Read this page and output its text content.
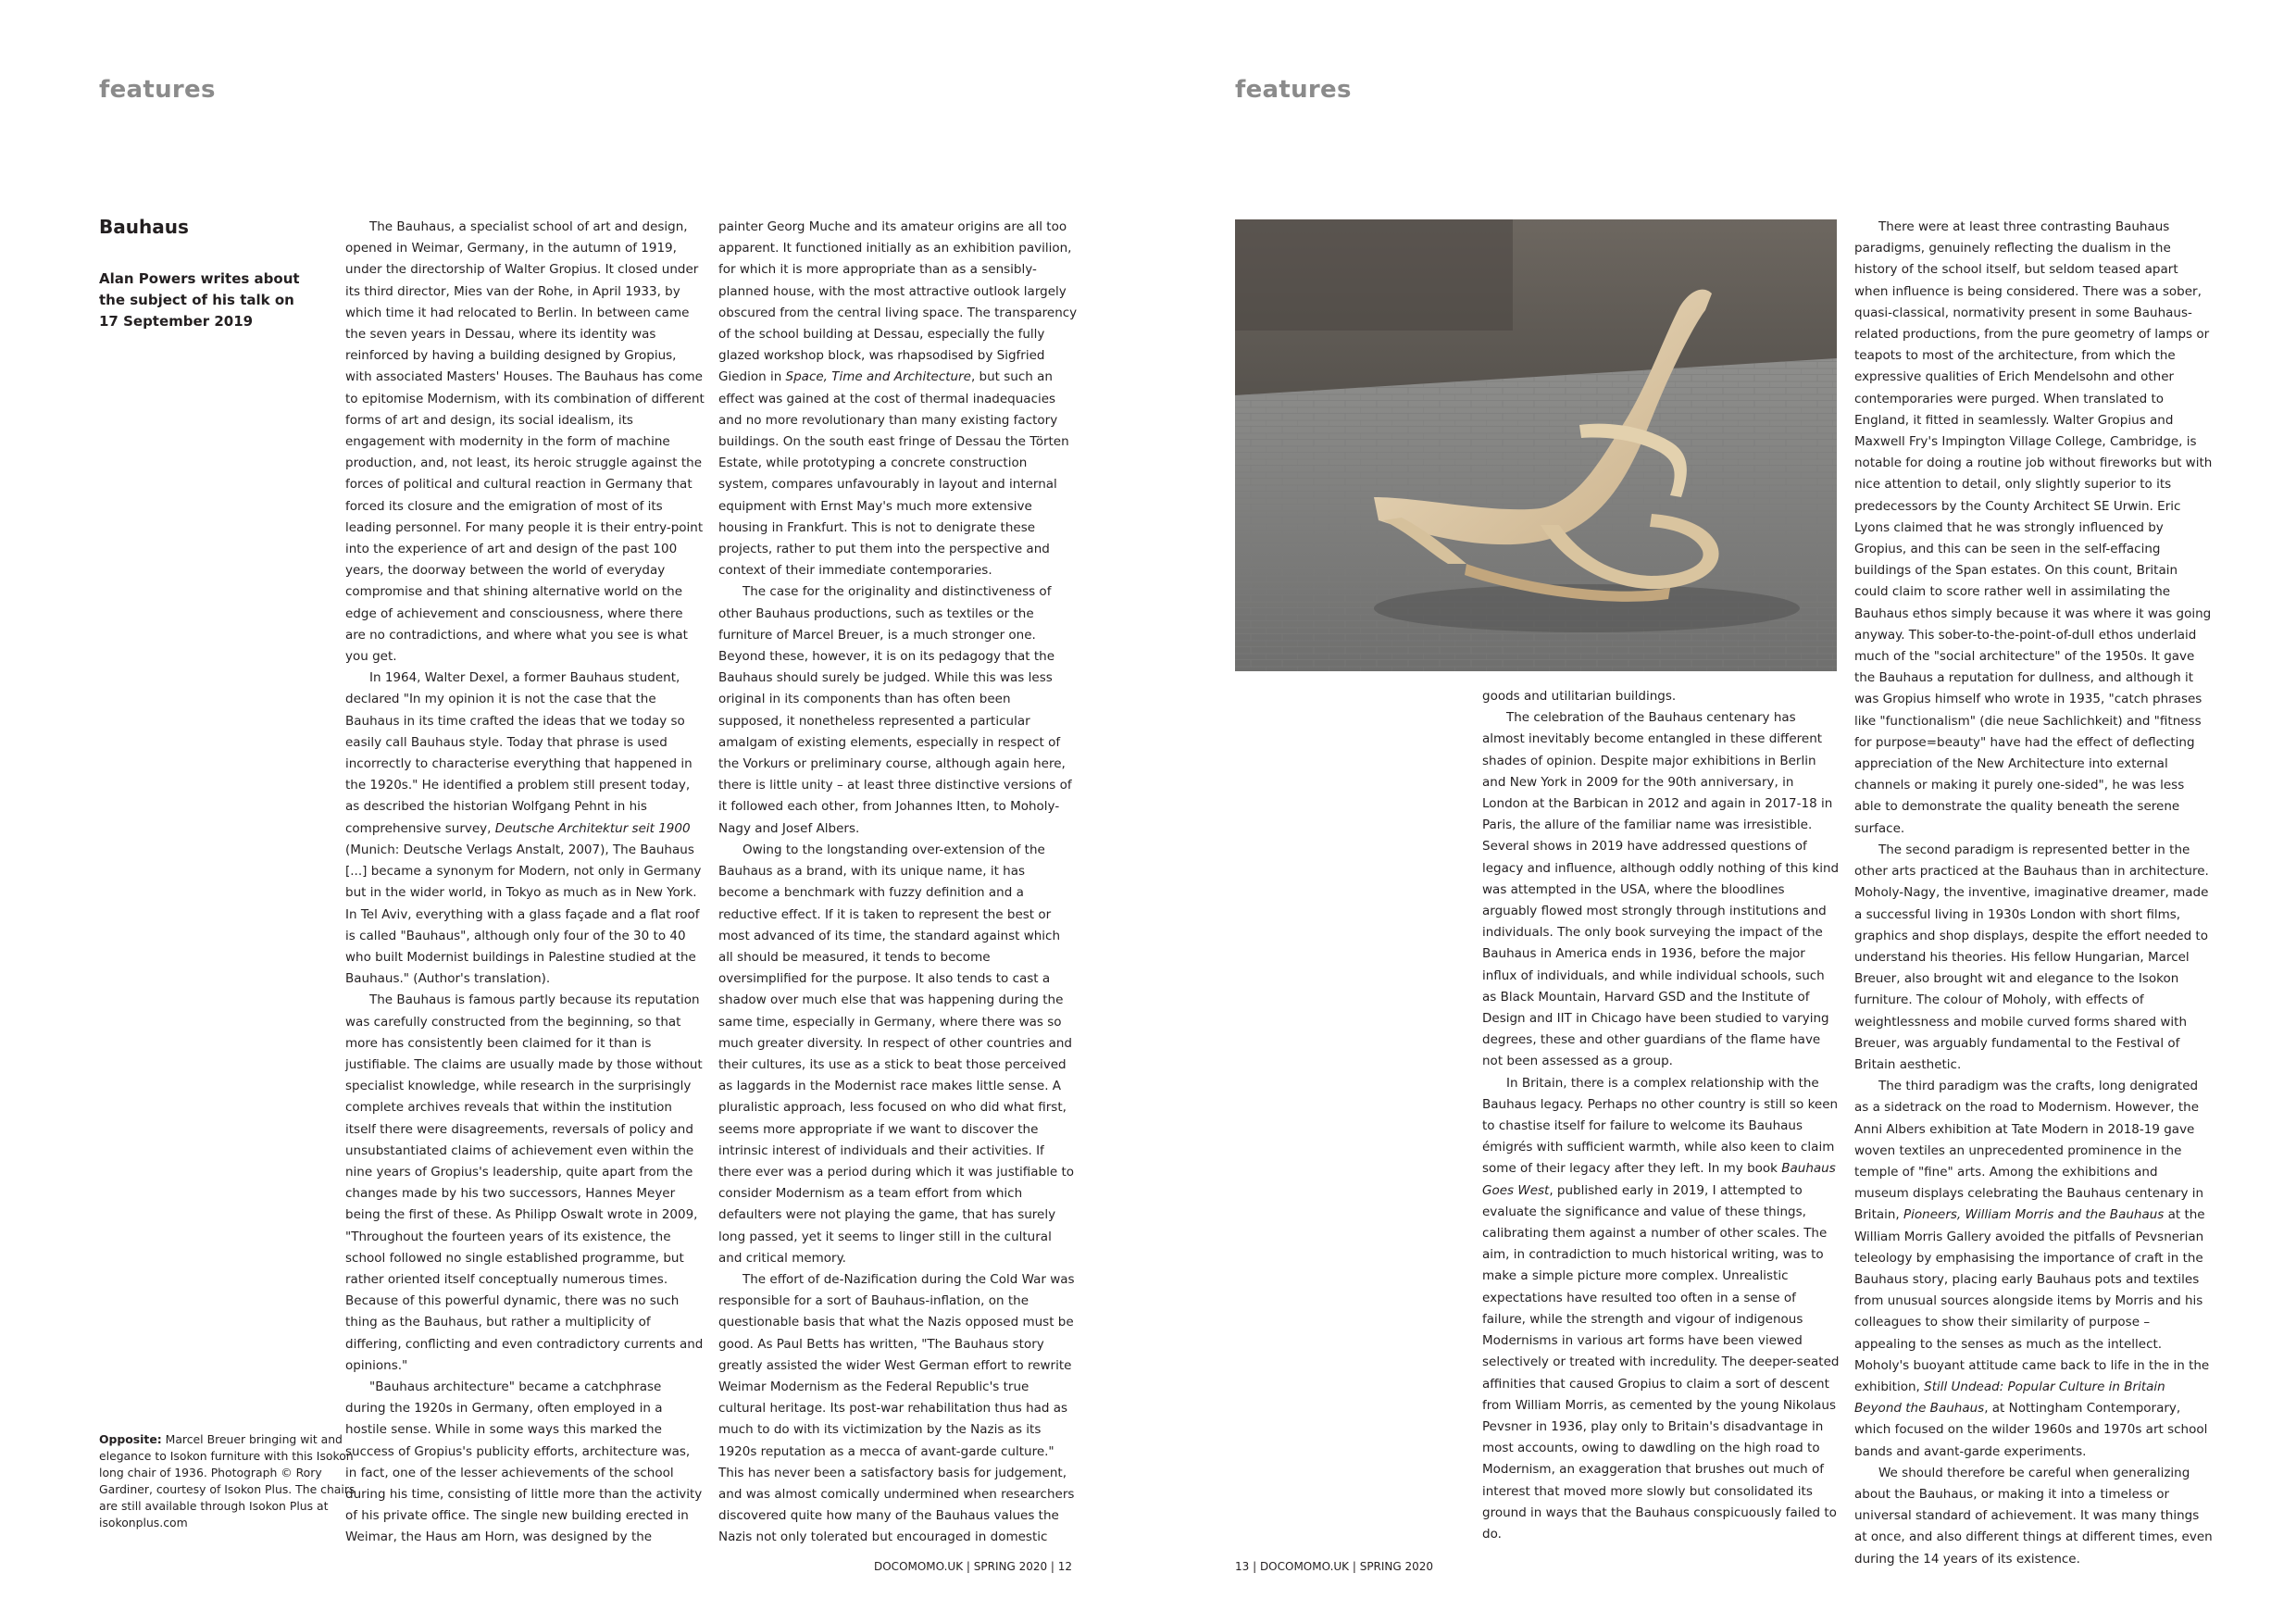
features
Bauhaus

Alan Powers writes about the subject of his talk on 17 September 2019

Opposite: Marcel Breuer bringing wit and elegance to Isokon furniture with this Isokon long chair of 1936. Photograph © Rory Gardiner, courtesy of Isokon Plus. The chairs are still available through Isokon Plus at isokonplus.com

The Bauhaus, a specialist school of art and design, opened in Weimar, Germany, in the autumn of 1919, under the directorship of Walter Gropius. It closed under its third director, Mies van der Rohe, in April 1933, by which time it had relocated to Berlin. In between came the seven years in Dessau, where its identity was reinforced by having a building designed by Gropius, with associated Masters' Houses. The Bauhaus has come to epitomise Modernism, with its combination of different forms of art and design, its social idealism, its engagement with modernity in the form of machine production, and, not least, its heroic struggle against the forces of political and cultural reaction in Germany that forced its closure and the emigration of most of its leading personnel. For many people it is their entry-point into the experience of art and design of the past 100 years, the doorway between the world of everyday compromise and that shining alternative world on the edge of achievement and consciousness, where there are no contradictions, and where what you see is what you get.

In 1964, Walter Dexel, a former Bauhaus student, declared "In my opinion it is not the case that the Bauhaus in its time crafted the ideas that we today so easily call Bauhaus style. Today that phrase is used incorrectly to characterise everything that happened in the 1920s." He identified a problem still present today, as described the historian Wolfgang Pehnt in his comprehensive survey, Deutsche Architektur seit 1900 (Munich: Deutsche Verlags Anstalt, 2007), The Bauhaus [...] became a synonym for Modern, not only in Germany but in the wider world, in Tokyo as much as in New York. In Tel Aviv, everything with a glass façade and a flat roof is called "Bauhaus", although only four of the 30 to 40 who built Modernist buildings in Palestine studied at the Bauhaus." (Author's translation).

The Bauhaus is famous partly because its reputation was carefully constructed from the beginning, so that more has consistently been claimed for it than is justifiable. The claims are usually made by those without specialist knowledge, while research in the surprisingly complete archives reveals that within the institution itself there were disagreements, reversals of policy and unsubstantiated claims of achievement even within the nine years of Gropius's leadership, quite apart from the changes made by his two successors, Hannes Meyer being the first of these. As Philipp Oswalt wrote in 2009, "Throughout the fourteen years of its existence, the school followed no single established programme, but rather oriented itself conceptually numerous times. Because of this powerful dynamic, there was no such thing as the Bauhaus, but rather a multiplicity of differing, conflicting and even contradictory currents and opinions."

"Bauhaus architecture" became a catchphrase during the 1920s in Germany, often employed in a hostile sense. While in some ways this marked the success of Gropius's publicity efforts, architecture was, in fact, one of the lesser achievements of the school during his time, consisting of little more than the activity of his private office. The single new building erected in Weimar, the Haus am Horn, was designed by the

painter Georg Muche and its amateur origins are all too apparent. It functioned initially as an exhibition pavilion, for which it is more appropriate than as a sensibly-planned house, with the most attractive outlook largely obscured from the central living space. The transparency of the school building at Dessau, especially the fully glazed workshop block, was rhapsodised by Sigfried Giedion in Space, Time and Architecture, but such an effect was gained at the cost of thermal inadequacies and no more revolutionary than many existing factory buildings. On the south east fringe of Dessau the Törten Estate, while prototyping a concrete construction system, compares unfavourably in layout and internal equipment with Ernst May's much more extensive housing in Frankfurt. This is not to denigrate these projects, rather to put them into the perspective and context of their immediate contemporaries.

The case for the originality and distinctiveness of other Bauhaus productions, such as textiles or the furniture of Marcel Breuer, is a much stronger one. Beyond these, however, it is on its pedagogy that the Bauhaus should surely be judged. While this was less original in its components than has often been supposed, it nonetheless represented a particular amalgam of existing elements, especially in respect of the Vorkurs or preliminary course, although again here, there is little unity – at least three distinctive versions of it followed each other, from Johannes Itten, to Moholy-Nagy and Josef Albers.

Owing to the longstanding over-extension of the Bauhaus as a brand, with its unique name, it has become a benchmark with fuzzy definition and a reductive effect. If it is taken to represent the best or most advanced of its time, the standard against which all should be measured, it tends to become oversimplified for the purpose. It also tends to cast a shadow over much else that was happening during the same time, especially in Germany, where there was so much greater diversity. In respect of other countries and their cultures, its use as a stick to beat those perceived as laggards in the Modernist race makes little sense. A pluralistic approach, less focused on who did what first, seems more appropriate if we want to discover the intrinsic interest of individuals and their activities. If there ever was a period during which it was justifiable to consider Modernism as a team effort from which defaulters were not playing the game, that has surely long passed, yet it seems to linger still in the cultural and critical memory.

The effort of de-Nazification during the Cold War was responsible for a sort of Bauhaus-inflation, on the questionable basis that what the Nazis opposed must be good. As Paul Betts has written, "The Bauhaus story greatly assisted the wider West German effort to rewrite Weimar Modernism as the Federal Republic's true cultural heritage. Its post-war rehabilitation thus had as much to do with its victimization by the Nazis as its 1920s reputation as a mecca of avant-garde culture." This has never been a satisfactory basis for judgement, and was almost comically undermined when researchers discovered quite how many of the Bauhaus values the Nazis not only tolerated but encouraged in domestic

DOCOMOMO.UK | SPRING 2020 | 12
features

goods and utilitarian buildings.

The celebration of the Bauhaus centenary has almost inevitably become entangled in these different shades of opinion. Despite major exhibitions in Berlin and New York in 2009 for the 90th anniversary, in London at the Barbican in 2012 and again in 2017-18 in Paris, the allure of the familiar name was irresistible. Several shows in 2019 have addressed questions of legacy and influence, although oddly nothing of this kind was attempted in the USA, where the bloodlines arguably flowed most strongly through institutions and individuals. The only book surveying the impact of the Bauhaus in America ends in 1936, before the major influx of individuals, and while individual schools, such as Black Mountain, Harvard GSD and the Institute of Design and IIT in Chicago have been studied to varying degrees, these and other guardians of the flame have not been assessed as a group.

In Britain, there is a complex relationship with the Bauhaus legacy. Perhaps no other country is still so keen to chastise itself for failure to welcome its Bauhaus émigrés with sufficient warmth, while also keen to claim some of their legacy after they left. In my book Bauhaus Goes West, published early in 2019, I attempted to evaluate the significance and value of these things, calibrating them against a number of other scales. The aim, in contradiction to much historical writing, was to make a simple picture more complex. Unrealistic expectations have resulted too often in a sense of failure, while the strength and vigour of indigenous Modernisms in various art forms have been viewed selectively or treated with incredulity. The deeper-seated affinities that caused Gropius to claim a sort of descent from William Morris, as cemented by the young Nikolaus Pevsner in 1936, play only to Britain's disadvantage in most accounts, owing to dawdling on the high road to Modernism, an exaggeration that brushes out much of interest that moved more slowly but consolidated its ground in ways that the Bauhaus conspicuously failed to do.

There were at least three contrasting Bauhaus paradigms, genuinely reflecting the dualism in the history of the school itself, but seldom teased apart when influence is being considered. There was a sober, quasi-classical, normativity present in some Bauhaus-related productions, from the pure geometry of lamps or teapots to most of the architecture, from which the expressive qualities of Erich Mendelsohn and other contemporaries were purged. When translated to England, it fitted in seamlessly. Walter Gropius and Maxwell Fry's Impington Village College, Cambridge, is notable for doing a routine job without fireworks but with nice attention to detail, only slightly superior to its predecessors by the County Architect SE Urwin. Eric Lyons claimed that he was strongly influenced by Gropius, and this can be seen in the self-effacing buildings of the Span estates. On this count, Britain could claim to score rather well in assimilating the Bauhaus ethos simply because it was where it was going anyway. This sober-to-the-point-of-dull ethos underlaid much of the "social architecture" of the 1950s. It gave the Bauhaus a reputation for dullness, and although it was Gropius himself who wrote in 1935, "catch phrases like "functionalism" (die neue Sachlichkeit) and "fitness for purpose=beauty" have had the effect of deflecting appreciation of the New Architecture into external channels or making it purely one-sided", he was less able to demonstrate the quality beneath the serene surface.

The second paradigm is represented better in the other arts practiced at the Bauhaus than in architecture. Moholy-Nagy, the inventive, imaginative dreamer, made a successful living in 1930s London with short films, graphics and shop displays, despite the effort needed to understand his theories. His fellow Hungarian, Marcel Breuer, also brought wit and elegance to the Isokon furniture. The colour of Moholy, with effects of weightlessness and mobile curved forms shared with Breuer, was arguably fundamental to the Festival of Britain aesthetic.

The third paradigm was the crafts, long denigrated as a sidetrack on the road to Modernism. However, the Anni Albers exhibition at Tate Modern in 2018-19 gave woven textiles an unprecedented prominence in the temple of "fine" arts. Among the exhibitions and museum displays celebrating the Bauhaus centenary in Britain, Pioneers, William Morris and the Bauhaus at the William Morris Gallery avoided the pitfalls of Pevsnerian teleology by emphasising the importance of craft in the Bauhaus story, placing early Bauhaus pots and textiles from unusual sources alongside items by Morris and his colleagues to show their similarity of purpose – appealing to the senses as much as the intellect. Moholy's buoyant attitude came back to life in the in the exhibition, Still Undead: Popular Culture in Britain Beyond the Bauhaus, at Nottingham Contemporary, which focused on the wilder 1960s and 1970s art school bands and avant-garde experiments.

We should therefore be careful when generalizing about the Bauhaus, or making it into a timeless or universal standard of achievement. It was many things at once, and also different things at different times, even during the 14 years of its existence.

13 | DOCOMOMO.UK | SPRING 2020
